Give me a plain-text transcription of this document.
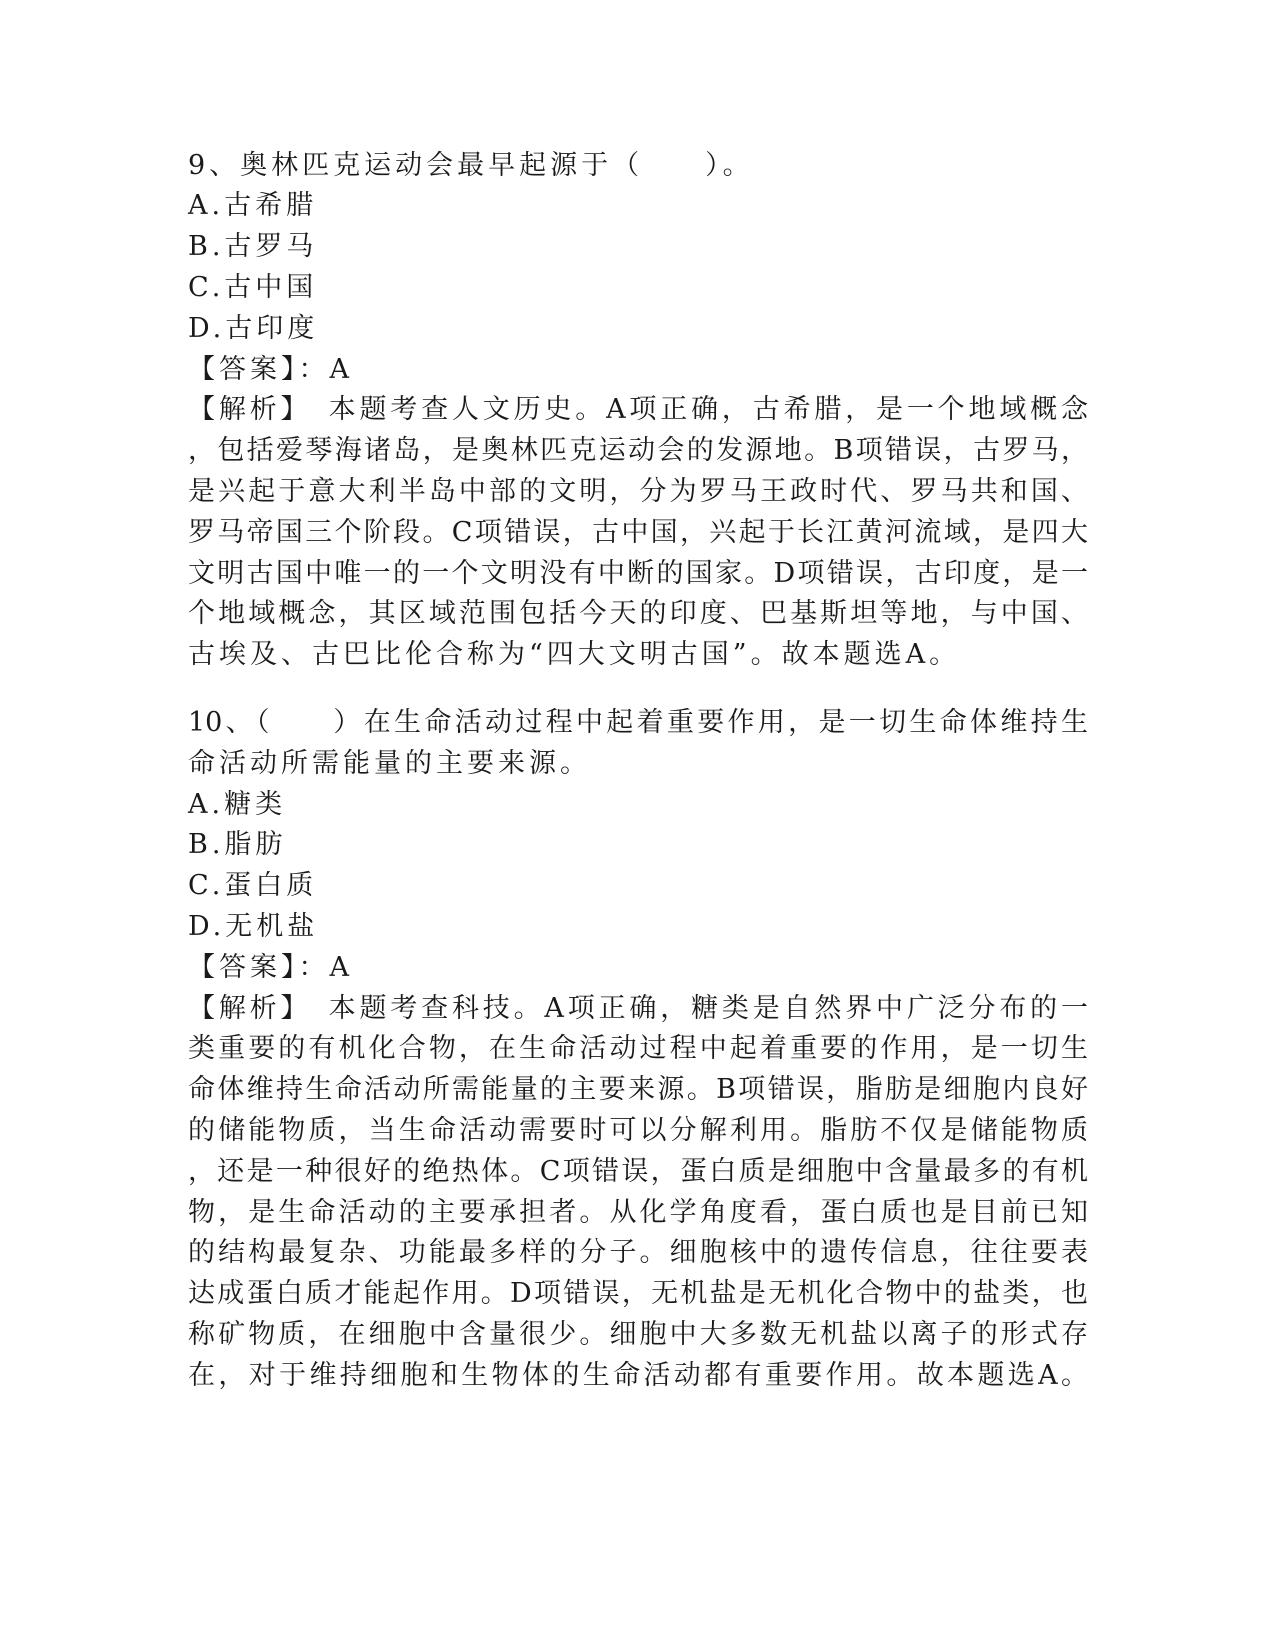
9、奥林匹克运动会最早起源于（　　）。
A.古希腊
B.古罗马
C.古中国
D.古印度
【答案】：A
【解析】　本题考查人文历史。A项正确，古希腊，是一个地域概念
，包括爱琴海诸岛，是奥林匹克运动会的发源地。B项错误，古罗马，
是兴起于意大利半岛中部的文明，分为罗马王政时代、罗马共和国、
罗马帝国三个阶段。C项错误，古中国，兴起于长江黄河流域，是四大
文明古国中唯一的一个文明没有中断的国家。D项错误，古印度，是一
个地域概念，其区域范围包括今天的印度、巴基斯坦等地，与中国、
古埃及、古巴比伦合称为“四大文明古国”。故本题选A。
10、（　　）在生命活动过程中起着重要作用，是一切生命体维持生
命活动所需能量的主要来源。
A.糖类
B.脂肪
C.蛋白质
D.无机盐
【答案】：A
【解析】　本题考查科技。A项正确，糖类是自然界中广泛分布的一
类重要的有机化合物，在生命活动过程中起着重要的作用，是一切生
命体维持生命活动所需能量的主要来源。B项错误，脂肪是细胞内良好
的储能物质，当生命活动需要时可以分解利用。脂肪不仅是储能物质
，还是一种很好的绝热体。C项错误，蛋白质是细胞中含量最多的有机
物，是生命活动的主要承担者。从化学角度看，蛋白质也是目前已知
的结构最复杂、功能最多样的分子。细胞核中的遗传信息，往往要表
达成蛋白质才能起作用。D项错误，无机盐是无机化合物中的盐类，也
称矿物质，在细胞中含量很少。细胞中大多数无机盐以离子的形式存
在，对于维持细胞和生物体的生命活动都有重要作用。故本题选A。
